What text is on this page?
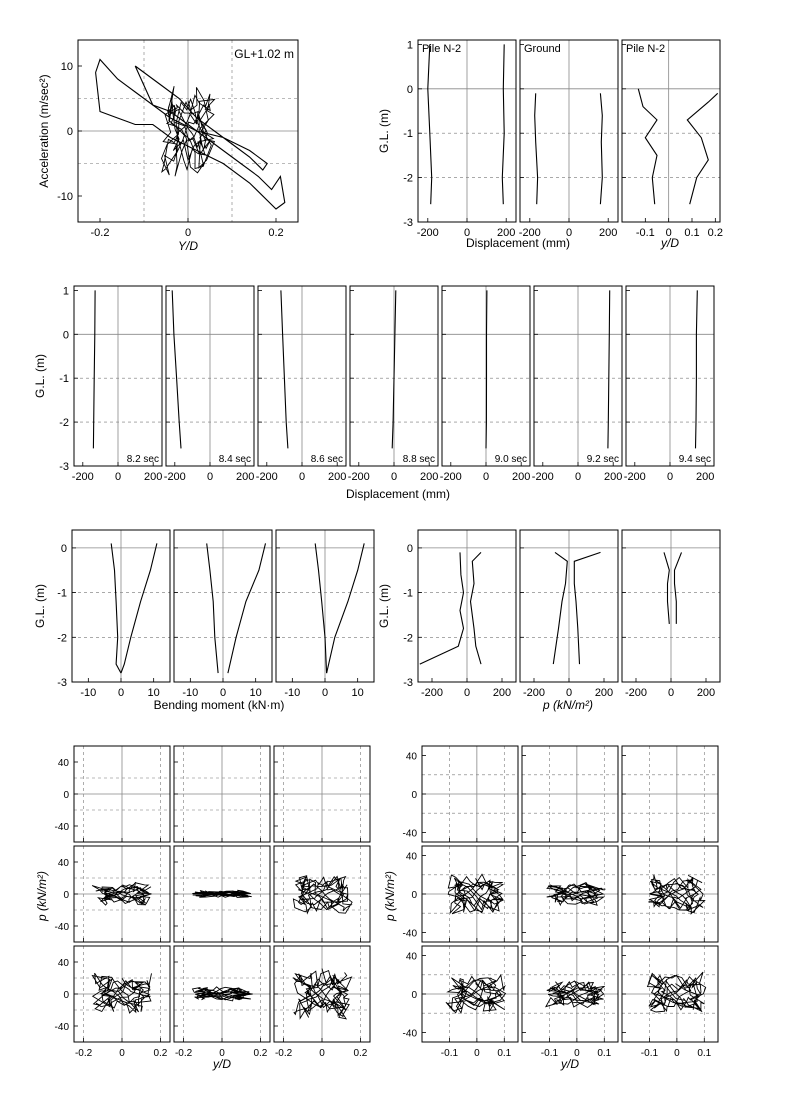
-0.2	0	0.2
-10
0
10
GL+1.02 m
Y/D
Acceleration (m/sec²)
-200 0 200
1
0
-1
-2
-3
Pile N-2
-200 0 200
Ground
-0.1 0 0.1 0.2
Pile N-2
Displacement (mm)	y/D
G.L. (m)
-200 0 200
1
0
-1
-2
-3
8.2 sec
-200 0 200
8.4 sec
-200 0 200
8.6 sec
-200 0 200
8.8 sec
-200 0 200
9.0 sec
-200 0 200
9.2 sec
-200 0 200
9.4 sec
Displacement (mm)
G.L. (m)
-10 0 10
0
-1
-2
-3
-10 0 10 -10 0 10
Bending moment (kN·m)
G.L. (m)
-200 0 200
0
-1
-2
-3
-200 0 200 -200 0 200
p (kN/m²)
G.L. (m)
40
0
-40
40
0
-40
-0.2	0	0.2
40
0
-40
-0.2	0	0.2 -0.2	0	0.2
40
0
-40
40
0
-40
-0.1 0 0.1
40
0
-40
-0.1 0 0.1	-0.1 0 0.1
y/D	y/D
p (kN/m²)	p (kN/m²)
